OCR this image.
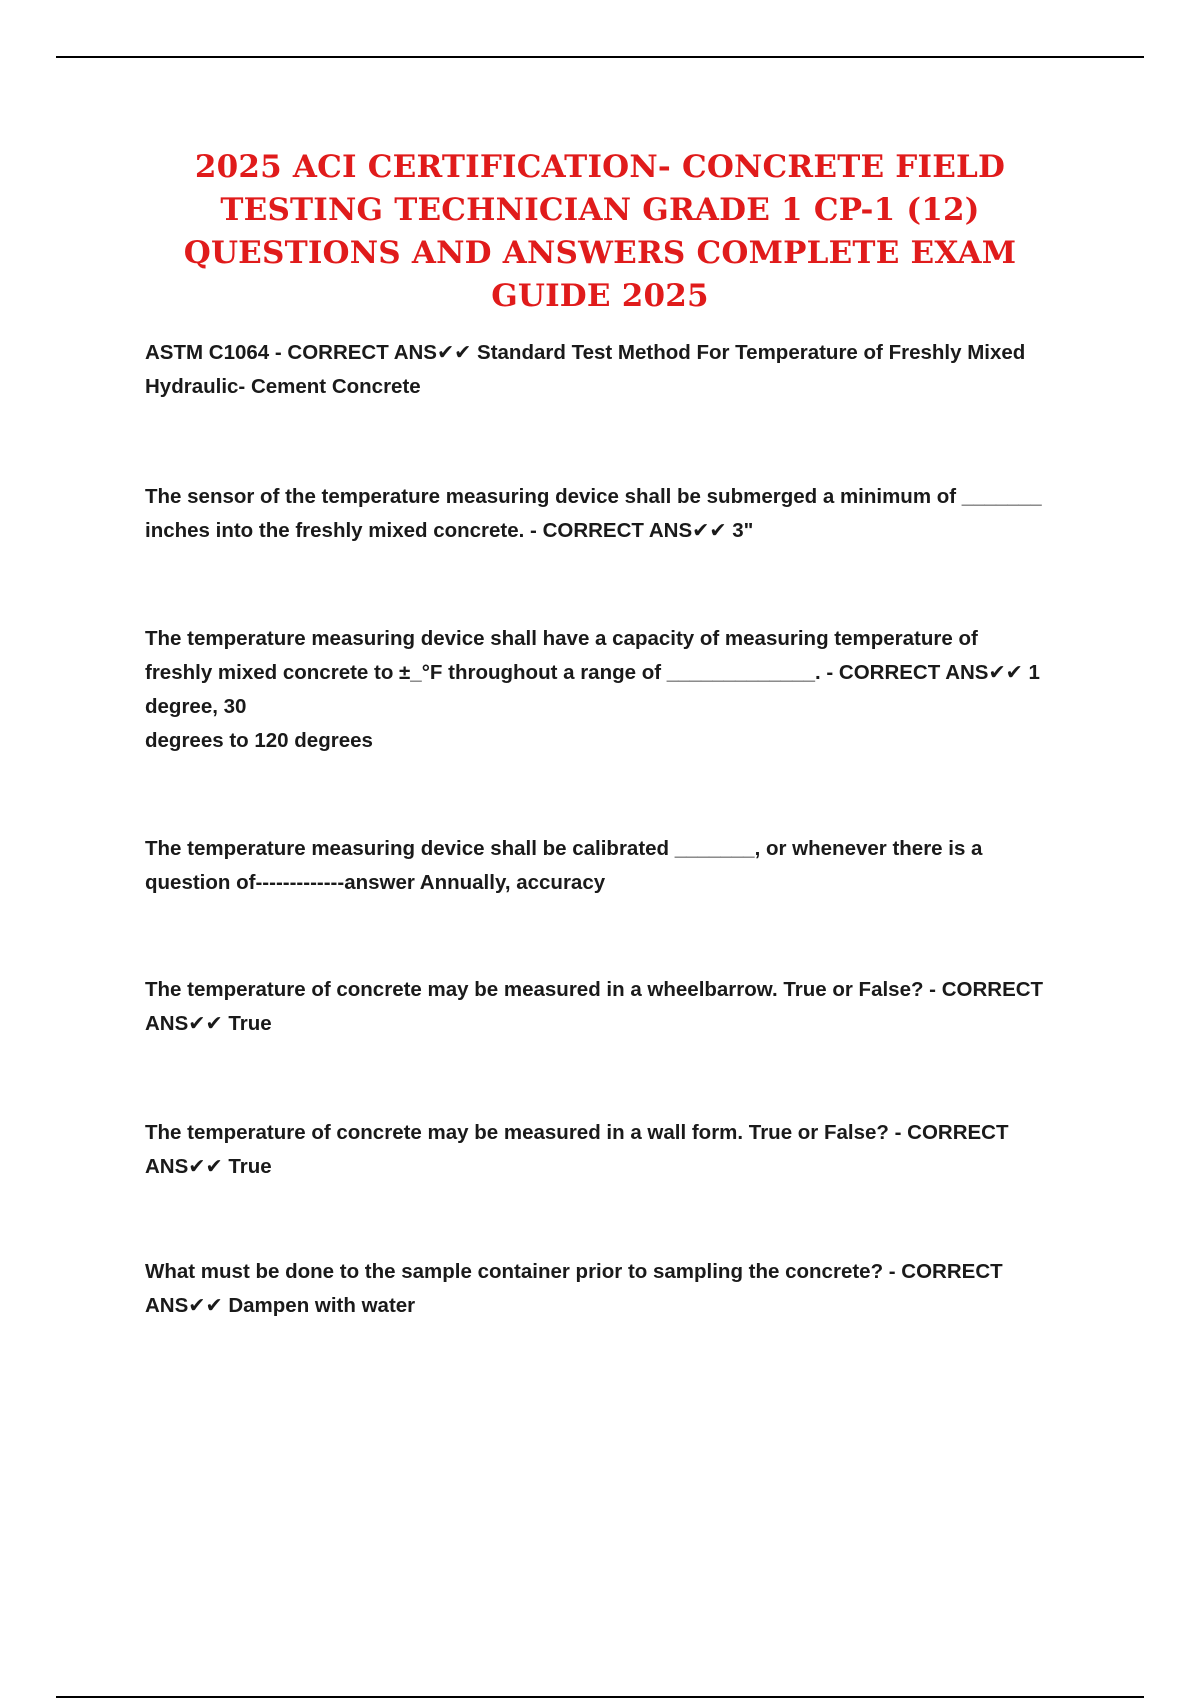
2025 ACI CERTIFICATION- CONCRETE FIELD TESTING TECHNICIAN GRADE 1 CP-1 (12) QUESTIONS AND ANSWERS COMPLETE EXAM GUIDE 2025
ASTM C1064 - CORRECT ANS✔✔ Standard Test Method For Temperature of Freshly Mixed
Hydraulic- Cement Concrete
The sensor of the temperature measuring device shall be submerged a minimum of _______
inches into the freshly mixed concrete. - CORRECT ANS✔✔ 3"
The temperature measuring device shall have a capacity of measuring temperature of
freshly mixed concrete to ±_°F throughout a range of _____________. - CORRECT ANS✔✔ 1
degree, 30
degrees to 120 degrees
The temperature measuring device shall be calibrated _______, or whenever there is a
question of-------------answer Annually, accuracy
The temperature of concrete may be measured in a wheelbarrow. True or False? - CORRECT
ANS✔✔ True
The temperature of concrete may be measured in a wall form. True or False? - CORRECT
ANS✔✔ True
What must be done to the sample container prior to sampling the concrete? - CORRECT
ANS✔✔ Dampen with water
